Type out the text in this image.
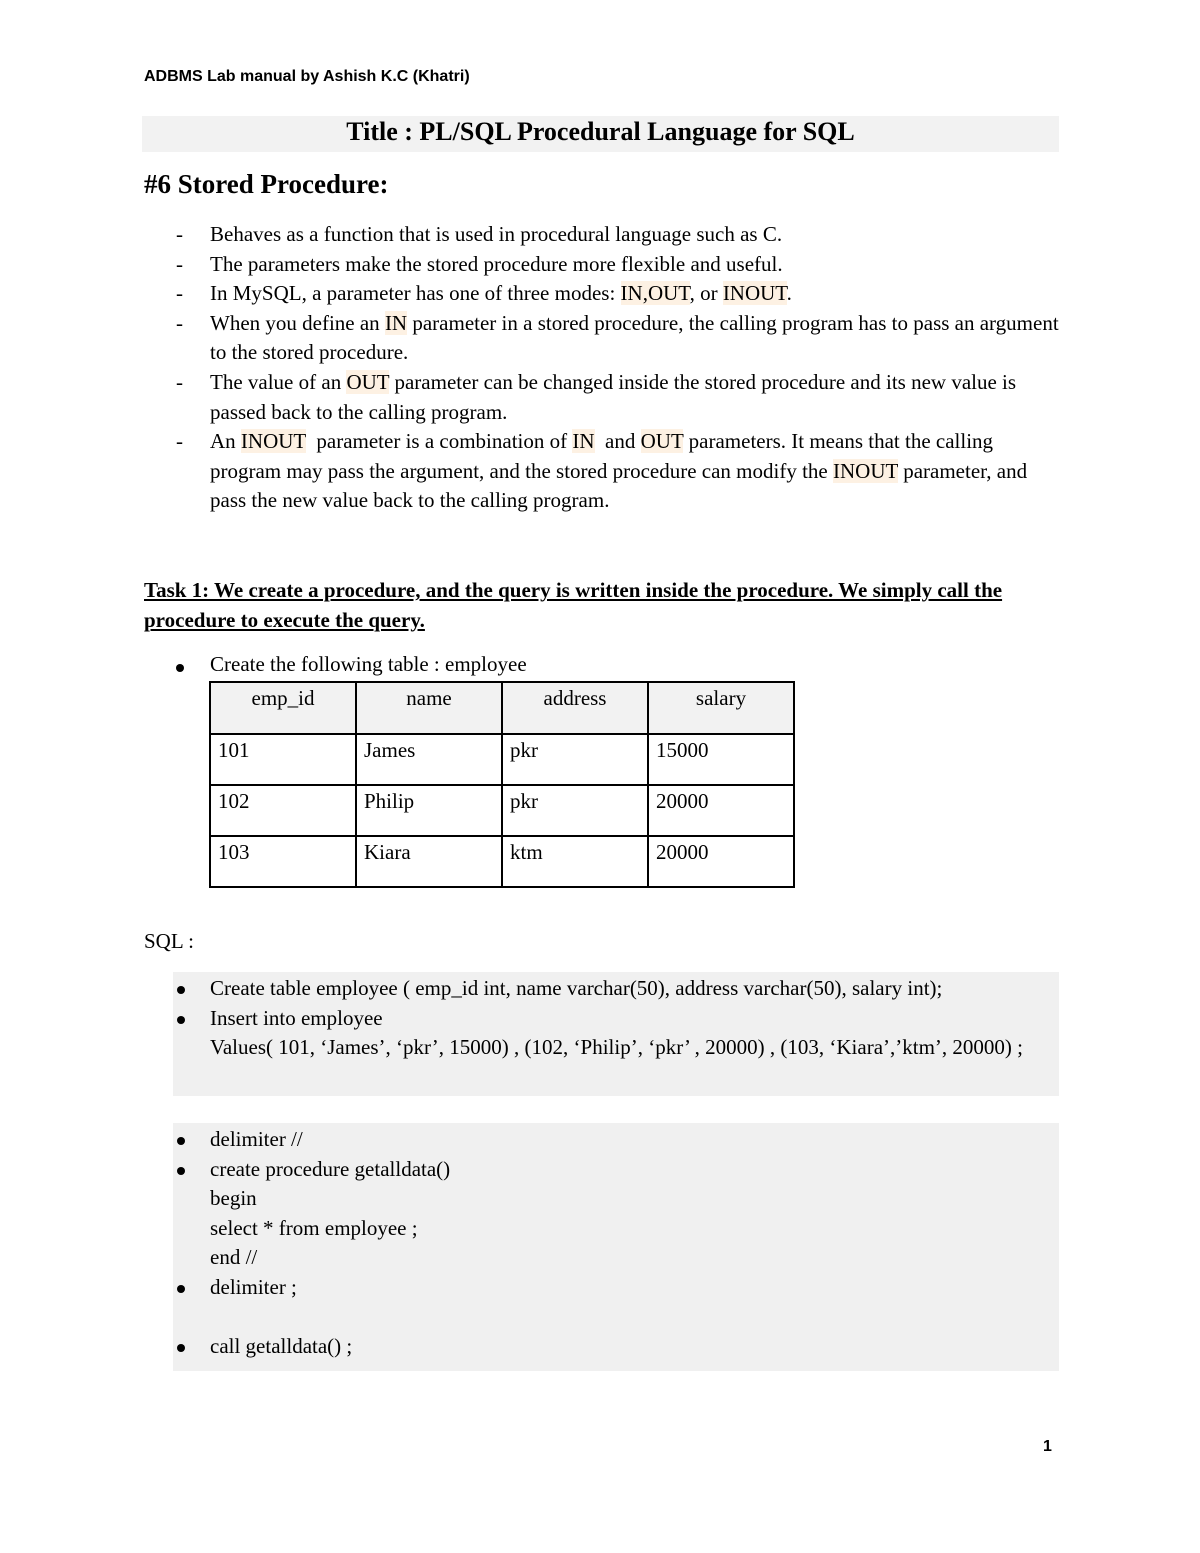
ADBMS Lab manual by Ashish K.C (Khatri)
Title : PL/SQL Procedural Language for SQL
#6 Stored Procedure:
- Behaves as a function that is used in procedural language such as C.
- The parameters make the stored procedure more flexible and useful.
- In MySQL, a parameter has one of three modes: IN,OUT, or INOUT.
- When you define an IN parameter in a stored procedure, the calling program has to pass an argument to the stored procedure.
- The value of an OUT parameter can be changed inside the stored procedure and its new value is passed back to the calling program.
- An INOUT  parameter is a combination of IN  and OUT parameters. It means that the calling program may pass the argument, and the stored procedure can modify the INOUT parameter, and pass the new value back to the calling program.
Task 1: We create a procedure, and the query is written inside the procedure. We simply call the procedure to execute the query.
Create the following table : employee
emp_id	name	address	salary
101	James	pkr	15000
102	Philip	pkr	20000
103	Kiara	ktm	20000
SQL :
Create table employee ( emp_id int, name varchar(50), address varchar(50), salary int);
Insert into employee
Values( 101, ‘James’, ‘pkr’, 15000) , (102, ‘Philip’, ‘pkr’ , 20000) , (103, ‘Kiara’,’ktm’, 20000) ;
delimiter //
create procedure getalldata()
begin
select * from employee ;
end //
delimiter ;
call getalldata() ;
1
